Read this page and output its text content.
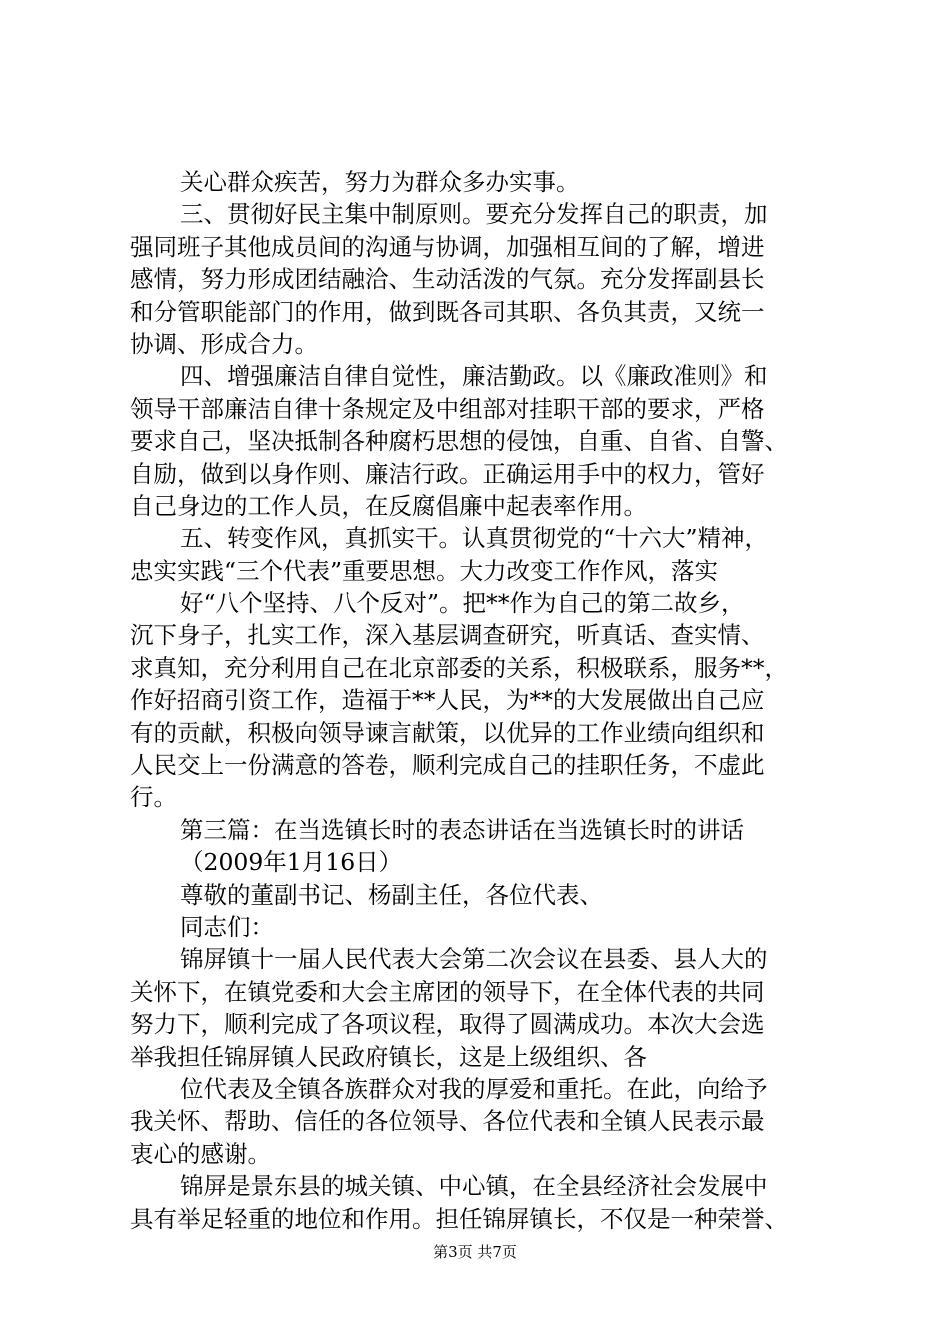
关心群众疾苦，努力为群众多办实事。
三、贯彻好民主集中制原则。要充分发挥自己的职责，加
强同班子其他成员间的沟通与协调，加强相互间的了解，增进
感情，努力形成团结融洽、生动活泼的气氛。充分发挥副县长
和分管职能部门的作用，做到既各司其职、各负其责，又统一
协调、形成合力。
四、增强廉洁自律自觉性，廉洁勤政。以《廉政准则》和
领导干部廉洁自律十条规定及中组部对挂职干部的要求，严格
要求自己，坚决抵制各种腐朽思想的侵蚀，自重、自省、自警、
自励，做到以身作则、廉洁行政。正确运用手中的权力，管好
自己身边的工作人员，在反腐倡廉中起表率作用。
五、转变作风，真抓实干。认真贯彻党的“十六大”精神，
忠实实践“三个代表”重要思想。大力改变工作作风，落实
好“八个坚持、八个反对”。把**作为自己的第二故乡，
沉下身子，扎实工作，深入基层调查研究，听真话、查实情、
求真知，充分利用自己在北京部委的关系，积极联系，服务**，
作好招商引资工作，造福于**人民，为**的大发展做出自己应
有的贡献，积极向领导谏言献策，以优异的工作业绩向组织和
人民交上一份满意的答卷，顺利完成自己的挂职任务，不虚此
行。
第三篇：在当选镇长时的表态讲话在当选镇长时的讲话
（2009年1月16日）
尊敬的董副书记、杨副主任，各位代表、
同志们：
锦屏镇十一届人民代表大会第二次会议在县委、县人大的
关怀下，在镇党委和大会主席团的领导下，在全体代表的共同
努力下，顺利完成了各项议程，取得了圆满成功。本次大会选
举我担任锦屏镇人民政府镇长，这是上级组织、各
位代表及全镇各族群众对我的厚爱和重托。在此，向给予
我关怀、帮助、信任的各位领导、各位代表和全镇人民表示最
衷心的感谢。
锦屏是景东县的城关镇、中心镇，在全县经济社会发展中
具有举足轻重的地位和作用。担任锦屏镇长，不仅是一种荣誉、
第3页 共7页
